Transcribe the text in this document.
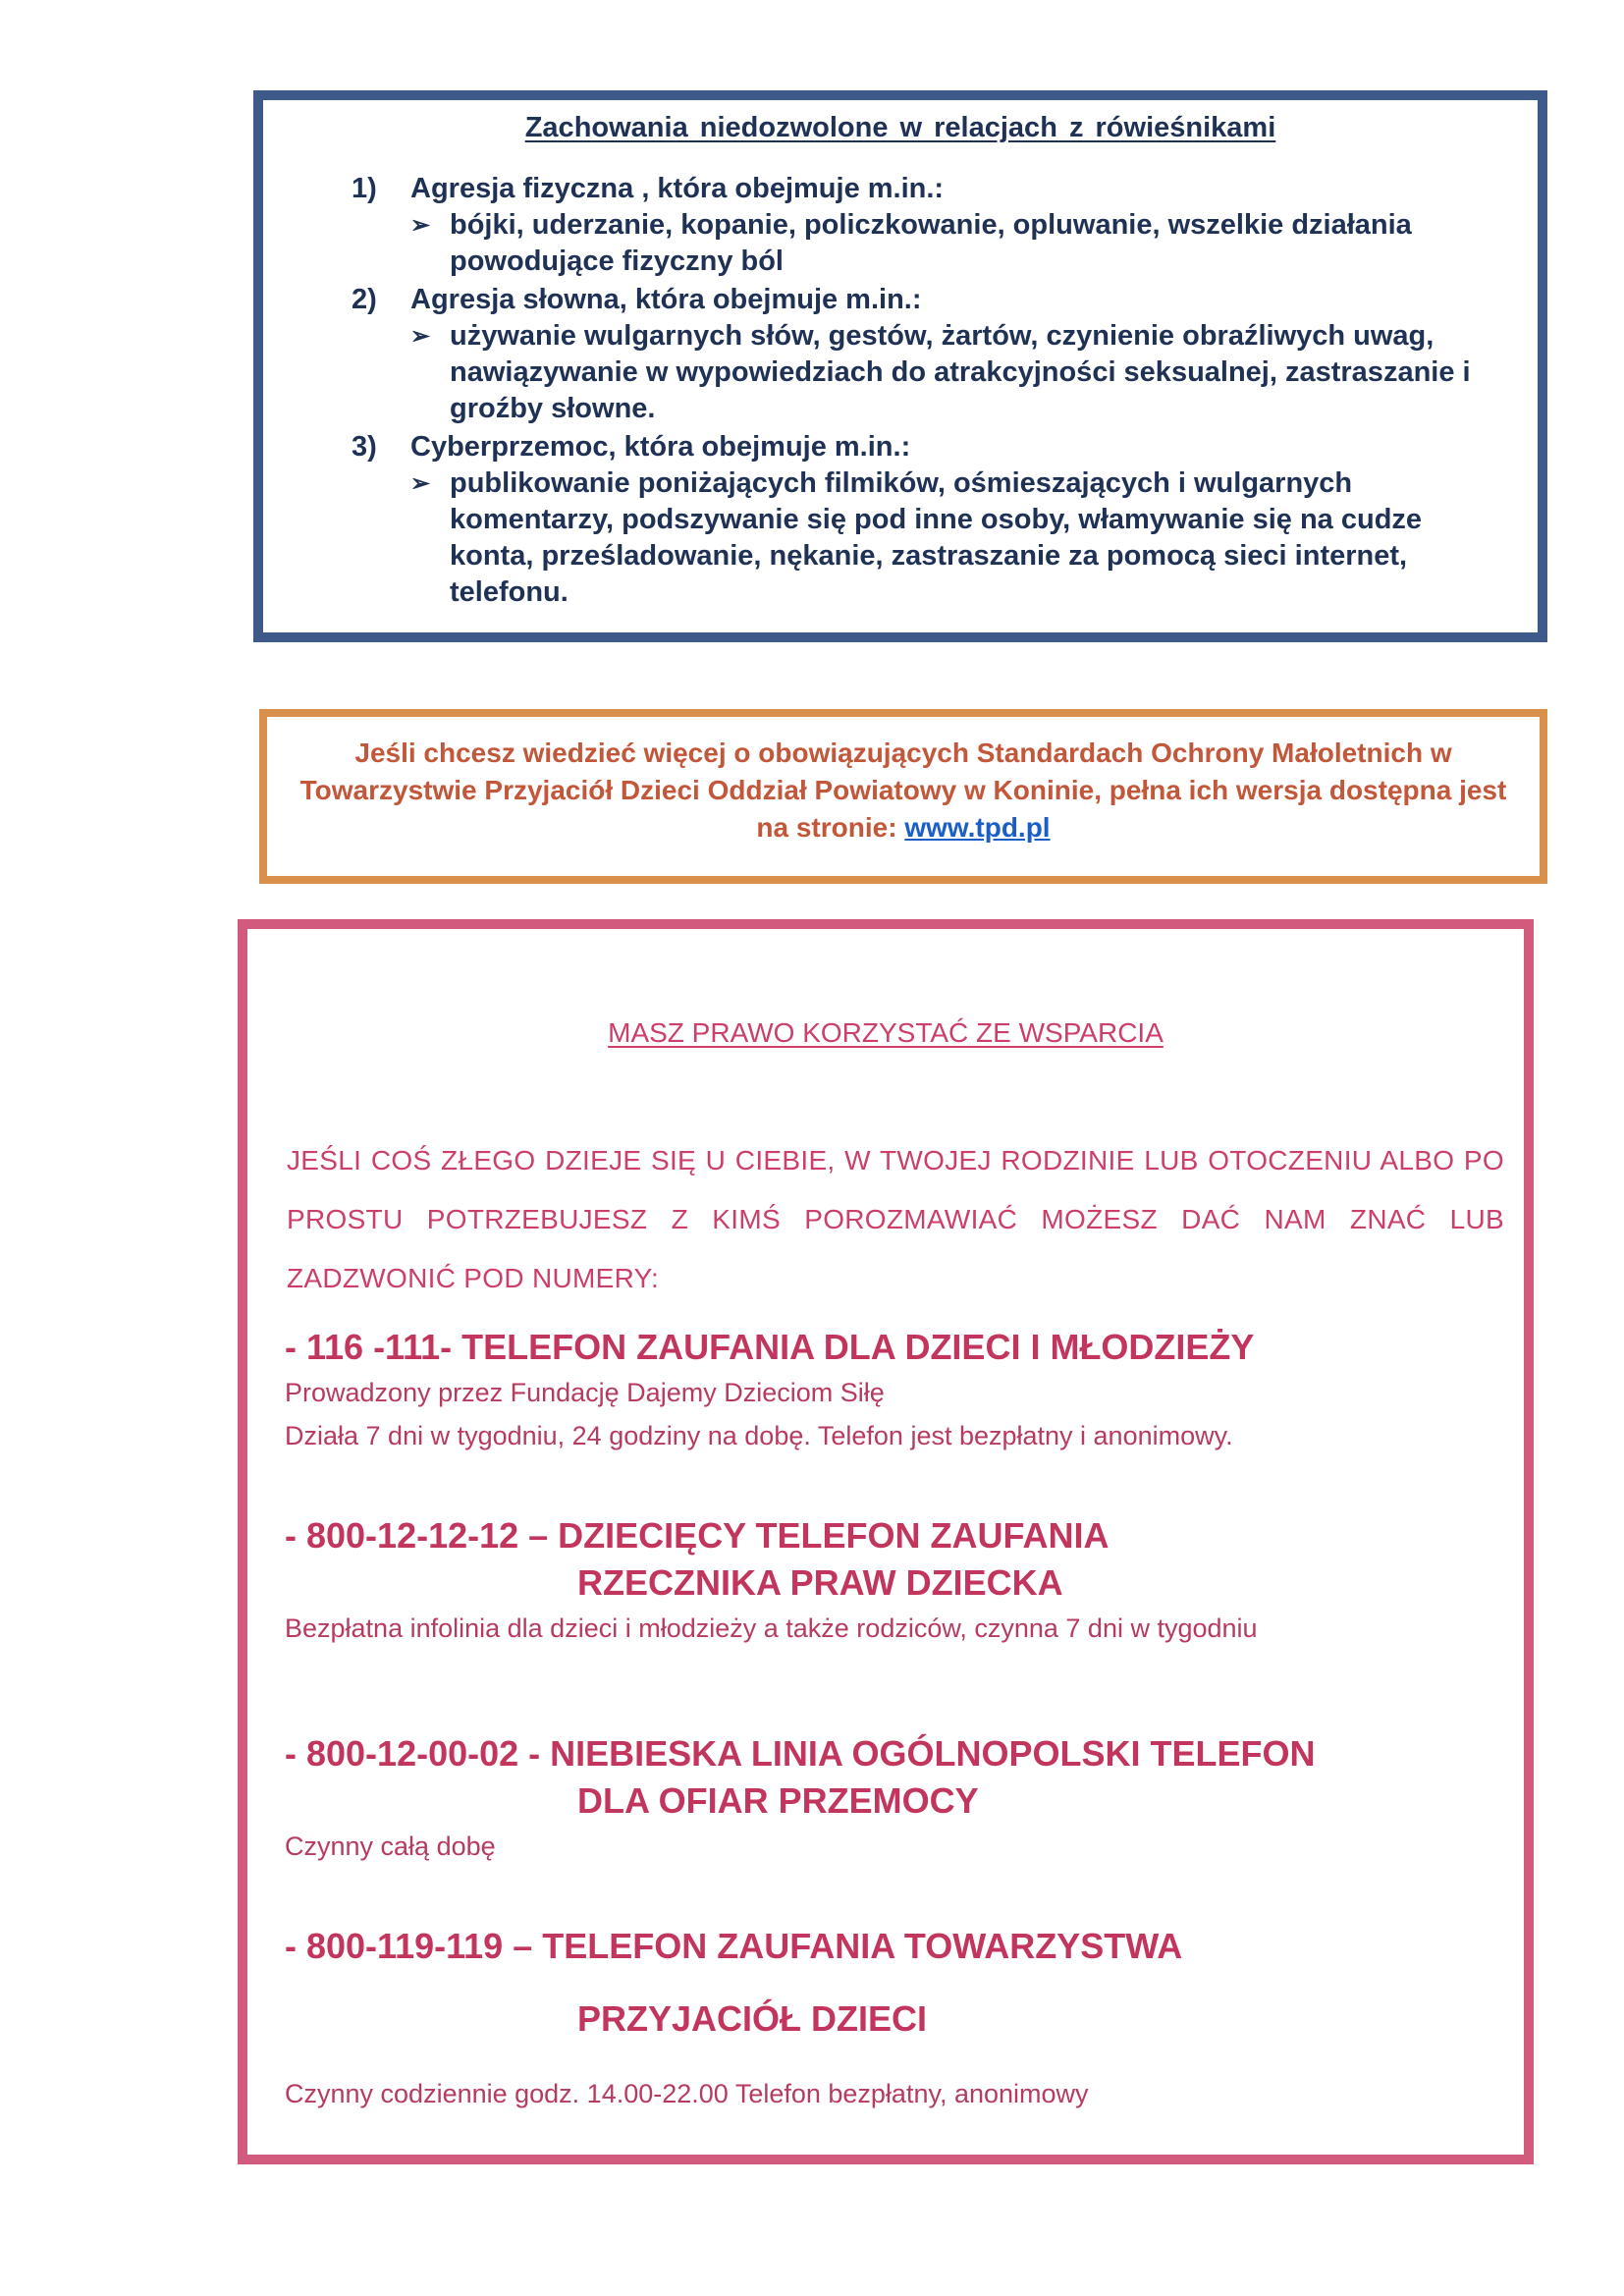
Zachowania niedozwolone w relacjach z rówieśnikami
1)	Agresja fizyczna , która obejmuje m.in.:
➢ bójki, uderzanie, kopanie, policzkowanie, opluwanie, wszelkie działania powodujące fizyczny ból
2)	Agresja słowna, która obejmuje m.in.:
➢ używanie wulgarnych słów, gestów, żartów, czynienie obraźliwych uwag, nawiązywanie w wypowiedziach do atrakcyjności seksualnej, zastraszanie i groźby słowne.
3)	Cyberprzemoc, która obejmuje m.in.:
➢ publikowanie poniżających filmików, ośmieszających i wulgarnych komentarzy, podszywanie się pod inne osoby, włamywanie się na cudze konta, prześladowanie, nękanie, zastraszanie za pomocą sieci internet, telefonu.
Jeśli chcesz wiedzieć więcej o obowiązujących Standardach Ochrony Małoletnich w Towarzystwie Przyjaciół Dzieci Oddział Powiatowy w Koninie, pełna ich wersja dostępna jest na stronie: www.tpd.pl
MASZ PRAWO KORZYSTAĆ ZE WSPARCIA
JEŚLI COŚ ZŁEGO DZIEJE SIĘ U CIEBIE, W TWOJEJ RODZINIE LUB OTOCZENIU ALBO PO PROSTU POTRZEBUJESZ Z KIMŚ POROZMAWIAĆ MOŻESZ DAĆ NAM ZNAĆ LUB ZADZWONIĆ POD NUMERY:
- 116 -111- TELEFON ZAUFANIA DLA DZIECI I MŁODZIEŻY
Prowadzony przez Fundację Dajemy Dzieciom Siłę
Działa 7 dni w tygodniu, 24 godziny na dobę. Telefon jest bezpłatny i anonimowy.
- 800-12-12-12 – DZIECIĘCY TELEFON ZAUFANIA
RZECZNIKA PRAW DZIECKA
Bezpłatna infolinia dla dzieci i młodzieży a także rodziców, czynna 7 dni w tygodniu
- 800-12-00-02 - NIEBIESKA LINIA OGÓLNOPOLSKI TELEFON
DLA OFIAR PRZEMOCY
Czynny całą dobę
- 800-119-119 – TELEFON ZAUFANIA TOWARZYSTWA
PRZYJACIÓŁ DZIECI
Czynny codziennie godz. 14.00-22.00 Telefon bezpłatny, anonimowy
